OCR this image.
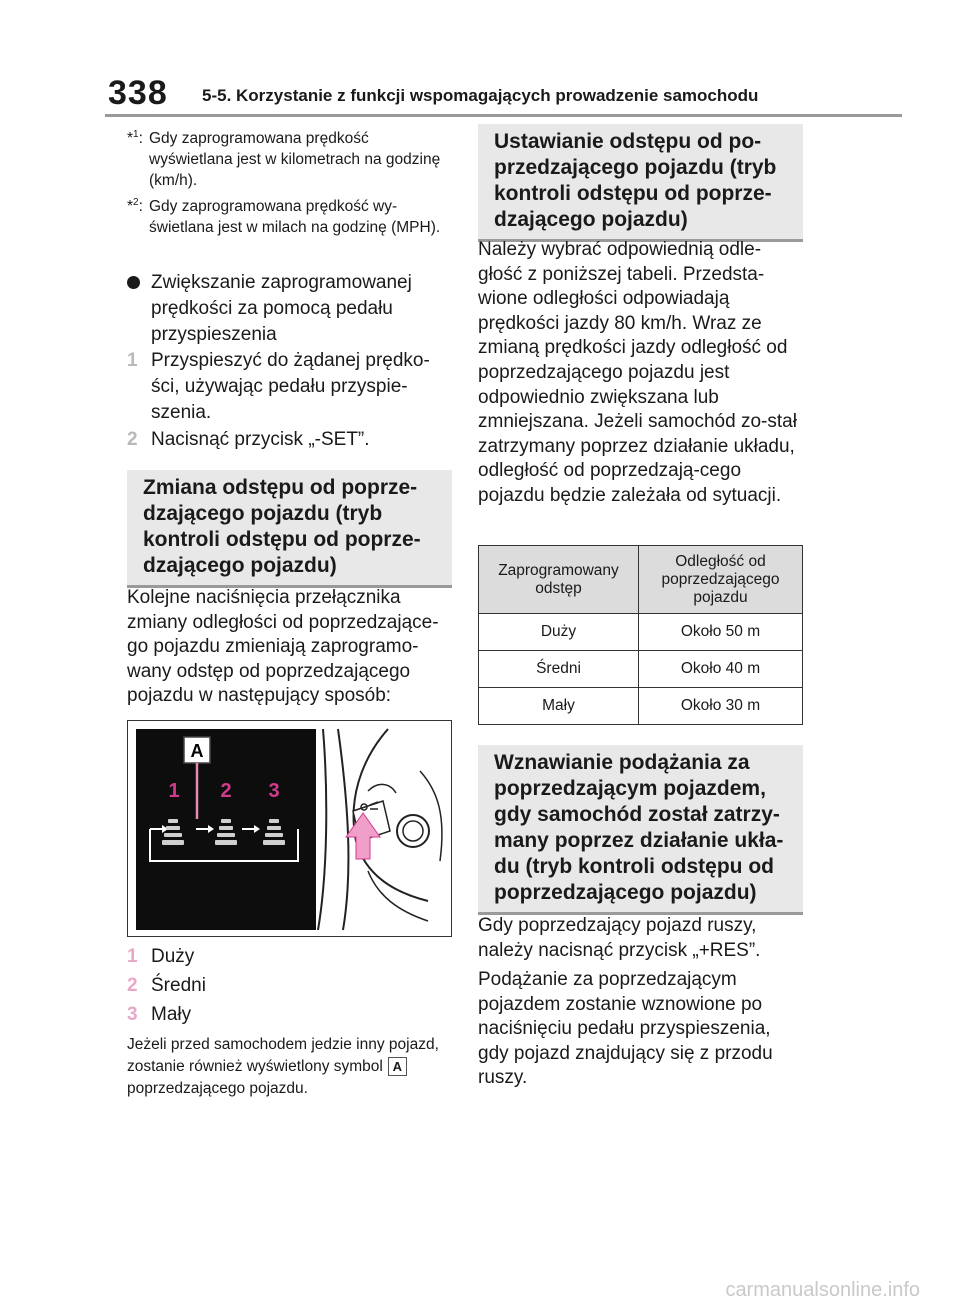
338 5-5. Korzystanie z funkcji wspomagających prowadzenie samochodu
*$^1$: Gdy zaprogramowana prędkość wyświetlana jest w kilometrach na godzinę (km/h).
*$^2$: Gdy zaprogramowana prędkość wy-świetlana jest w milach na godzinę (MPH).
Zwiększanie zaprogramowanej prędkości za pomocą pedału przyspieszenia
1 Przyspieszyć do żądanej prędko-ści, używając pedału przyspie-szenia.
2 Nacisnąć przycisk „-SET”.
Zmiana odstępu od poprze-dzającego pojazdu (tryb kontroli odstępu od poprze-dzającego pojazdu)
Kolejne naciśnięcia przełącznika zmiany odległości od poprzedzające-go pojazdu zmieniają zaprogramo-wany odstęp od poprzedzającego pojazdu w następujący sposób:
A
1 2 3
1 Duży
2 Średni
3 Mały
Jeżeli przed samochodem jedzie inny pojazd, zostanie również wyświetlony symbol Apoprzedzającego pojazdu.
Ustawianie odstępu od po-przedzającego pojazdu (tryb kontroli odstępu od poprze-dzającego pojazdu)
Należy wybrać odpowiednią odle-głość z poniższej tabeli. Przedsta-wione odległości odpowiadają prędkości jazdy 80 km/h. Wraz ze zmianą prędkości jazdy odległość od poprzedzającego pojazdu jest odpowiednio zwiększana lub zmniejszana. Jeżeli samochód zo-stał zatrzymany poprzez działanie układu, odległość od poprzedzają-cego pojazdu będzie zależała od sytuacji.
Zaprogramowany odstęp	Odległość od poprzedzającego pojazdu
Duży	Około 50 m
Średni	Około 40 m
Mały	Około 30 m
Wznawianie podążania za poprzedzającym pojazdem, gdy samochód został zatrzy-many poprzez działanie ukła-du (tryb kontroli odstępu od poprzedzającego pojazdu)
Gdy poprzedzający pojazd ruszy, należy nacisnąć przycisk „+RES”.
Podążanie za poprzedzającym pojazdem zostanie wznowione po naciśnięciu pedału przyspieszenia, gdy pojazd znajdujący się z przodu ruszy.
carmanualsonline.info
